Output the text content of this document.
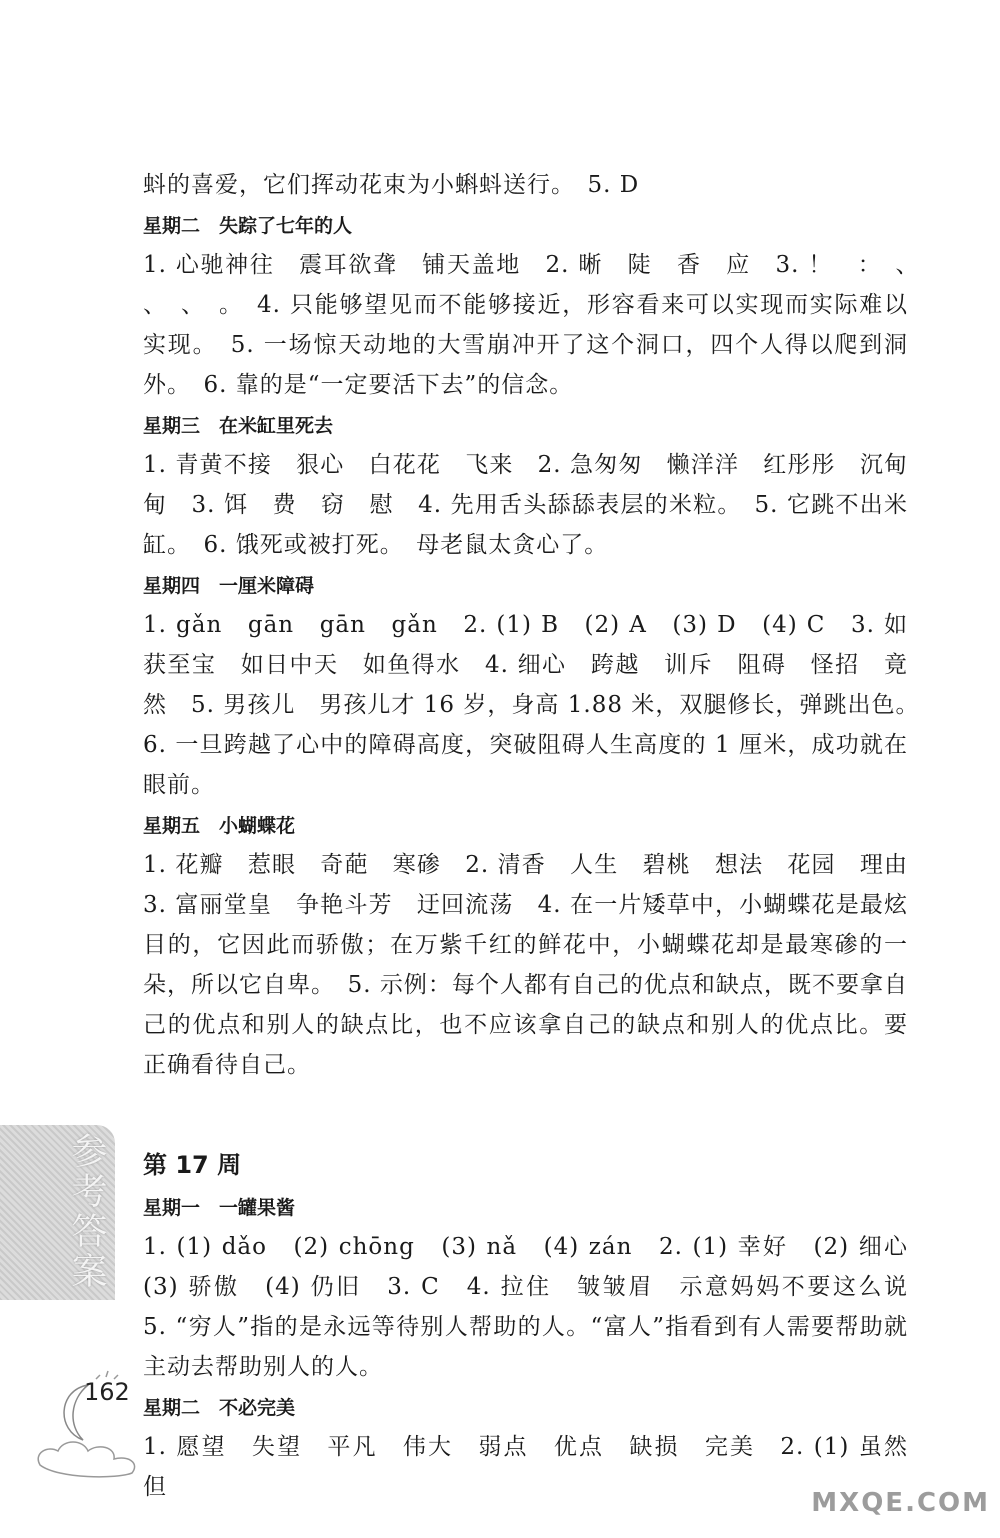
蚪的喜爱，它们挥动花束为小蝌蚪送行。　5. D

星期二　失踪了七年的人

1. 心驰神往　震耳欲聋　铺天盖地　2. 晰　陡　香　应　3. ！　：　、　、　、　。　4. 只能够望见而不能够接近，形容看来可以实现而实际难以实现。　5. 一场惊天动地的大雪崩冲开了这个洞口，四个人得以爬到洞外。　6. 靠的是“一定要活下去”的信念。

星期三　在米缸里死去

1. 青黄不接　狠心　白花花　飞来　2. 急匆匆　懒洋洋　红彤彤　沉甸甸　3. 饵　费　窃　慰　4. 先用舌头舔舔表层的米粒。　5. 它跳不出米缸。　6. 饿死或被打死。　母老鼠太贪心了。

星期四　一厘米障碍

1. gǎn　gān　gān　gǎn　2. (1) B　(2) A　(3) D　(4) C　3. 如获至宝　如日中天　如鱼得水　4. 细心　跨越　训斥　阻碍　怪招　竟然　5. 男孩儿　男孩儿才 16 岁，身高 1.88 米，双腿修长，弹跳出色。　6. 一旦跨越了心中的障碍高度，突破阻碍人生高度的 1 厘米，成功就在眼前。

星期五　小蝴蝶花

1. 花瓣　惹眼　奇葩　寒碜　2. 清香　人生　碧桃　想法　花园　理由　3. 富丽堂皇　争艳斗芳　迂回流荡　4. 在一片矮草中，小蝴蝶花是最炫目的，它因此而骄傲；在万紫千红的鲜花中，小蝴蝶花却是最寒碜的一朵，所以它自卑。　5. 示例：每个人都有自己的优点和缺点，既不要拿自己的优点和别人的缺点比，也不应该拿自己的缺点和别人的优点比。要正确看待自己。

第 17 周
星期一　一罐果酱

1. (1) dǎo　(2) chōng　(3) nǎ　(4) zán　2. (1) 幸好　(2) 细心　(3) 骄傲　(4) 仍旧　3. C　4. 拉住　皱皱眉　示意妈妈不要这么说　5. “穷人”指的是永远等待别人帮助的人。“富人”指看到有人需要帮助就主动去帮助别人的人。

星期二　不必完美

1. 愿望　失望　平凡　伟大　弱点　优点　缺损　完美　2. (1) 虽然　但

参考答案
162
MXQE.COM
